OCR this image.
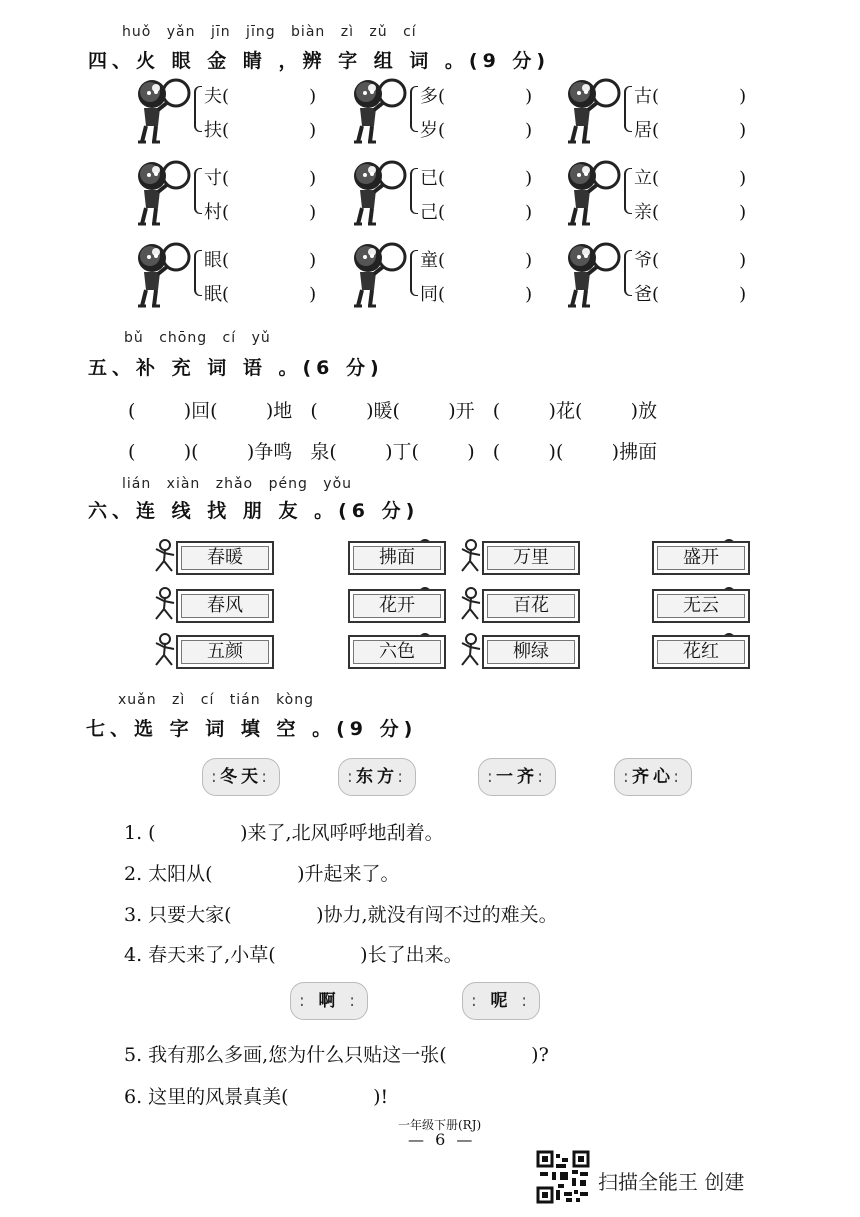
huǒ yǎn jīn jīng biàn zì zǔ cí
四、火 眼 金 睛 ，辨 字 组 词 。(9 分)
夫(              )
扶(              )
多(              )
岁(              )
古(              )
居(              )
寸(              )
村(              )
已(              )
己(              )
立(              )
亲(              )
眼(              )
眠(              )
童(              )
同(              )
爷(              )
爸(              )
bǔ chōng cí yǔ
五、补 充 词 语 。(6 分)
(        )回(        )地   (        )暖(        )开   (        )花(        )放
(        )(        )争鸣   泉(        )丁(        )   (        )(        )拂面
lián xiàn zhǎo péng yǒu
六、连 线 找 朋 友 。(6 分)
春暖
春风
五颜
拂面
花开
六色
万里
百花
柳绿
盛开
无云
花红
xuǎn zì cí tián kòng
七、选 字 词 填 空 。(9 分)
: 冬天 :	: 东方 :	: 一齐 :	: 齐心 :
1. (              )来了,北风呼呼地刮着。
2. 太阳从(              )升起来了。
3. 只要大家(              )协力,就没有闯不过的难关。
4. 春天来了,小草(              )长了出来。
: 啊 :	: 呢 :
5. 我有那么多画,您为什么只贴这一张(              )?
6. 这里的风景真美(              )!
一年级下册(RJ)
— 6 —
扫描全能王 创建
